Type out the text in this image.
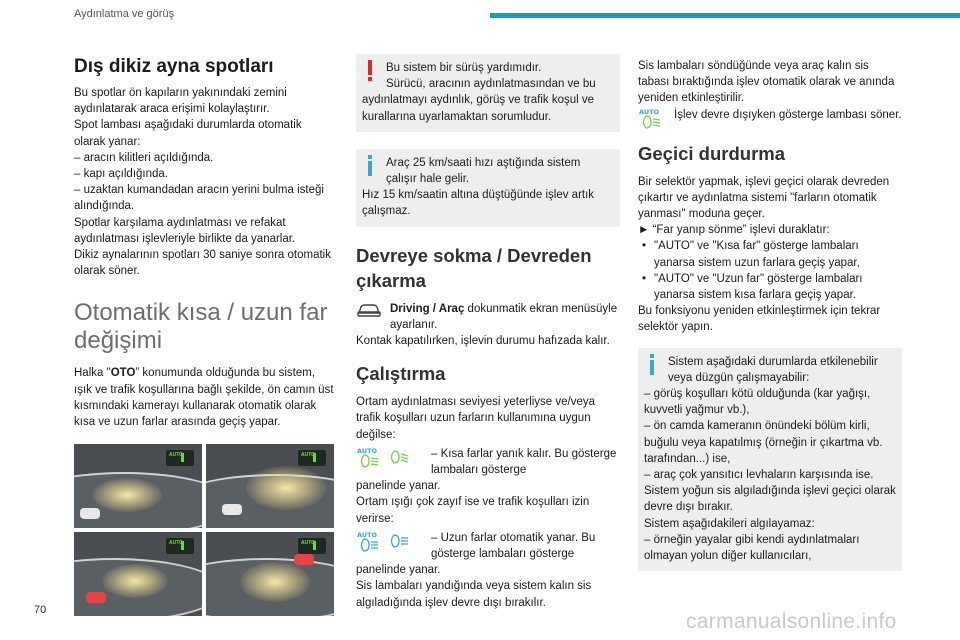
Aydınlatma ve görüş
Dış dikiz ayna spotları

Bu spotlar ön kapıların yakınındaki zemini aydınlatarak araca erişimi kolaylaştırır.

Spot lambası aşağıdaki durumlarda otomatik olarak yanar:

– aracın kilitleri açıldığında.

– kapı açıldığında.

– uzaktan kumandadan aracın yerini bulma isteği alındığında.

Spotlar karşılama aydınlatması ve refakat aydınlatması işlevleriyle birlikte da yanarlar.

Dikiz aynalarının spotları 30 saniye sonra otomatik olarak söner.

Otomatik kısa / uzun far değişimi

Halka "OTO” konumunda olduğunda bu sistem, ışık ve trafik koşullarına bağlı şekilde, ön camın üst kısmındaki kamerayı kullanarak otomatik olarak kısa ve uzun farlar arasında geçiş yapar.

AUTO	AUTO
AUTO	AUTO

Bu sistem bir sürüş yardımıdır.

Sürücü, aracının aydınlatmasından ve bu aydınlatmayı aydınlık, görüş ve trafik koşul ve kurallarına uyarlamaktan sorumludur.

Araç 25 km/saati hızı aştığında sistem çalışır hale gelir.

Hız 15 km/saatin altına düştüğünde işlev artık çalışmaz.

Devreye sokma / Devreden çıkarma

Driving / Araç dokunmatik ekran menüsüyle ayarlanır.

Kontak kapatılırken, işlevin durumu hafızada kalır.

Çalıştırma

Ortam aydınlatması seviyesi yeterliyse ve/veya trafik koşulları uzun farların kullanımına uygun değilse:

AUTO	– Kısa farlar yanık kalır. Bu gösterge lambaları gösterge

panelinde yanar.

Ortam ışığı çok zayıf ise ve trafik koşulları izin verirse:

AUTO	– Uzun farlar otomatik yanar. Bu gösterge lambaları gösterge

panelinde yanar.

Sis lambaları yandığında veya sistem kalın sis algıladığında işlev devre dışı bırakılır.

Sis lambaları söndüğünde veya araç kalın sis tabası bıraktığında işlev otomatik olarak ve anında yeniden etkinleştirilir.

AUTO İşlev devre dışıyken gösterge lambası söner.

Geçici durdurma

Bir selektör yapmak, işlevi geçici olarak devreden çıkartır ve aydınlatma sistemi "farların otomatik yanması" moduna geçer.

► “Far yanıp sönme” işlevi duraklatır:

• "AUTO" ve "Kısa far" gösterge lambaları yanarsa sistem uzun farlara geçiş yapar,

• "AUTO" ve "Uzun far" gösterge lambaları yanarsa sistem kısa farlara geçiş yapar.

Bu fonksiyonu yeniden etkinleştirmek için tekrar selektör yapın.

Sistem aşağıdaki durumlarda etkilenebilir veya düzgün çalışmayabilir:

– görüş koşulları kötü olduğunda (kar yağışı, kuvvetli yağmur vb.),

– ön camda kameranın önündeki bölüm kirli, buğulu veya kapatılmış (örneğin ir çıkartma vb. tarafından...) ise,

– araç çok yansıtıcı levhaların karşısında ise.

Sistem yoğun sis algıladığında işlevi geçici olarak devre dışı bırakır.

Sistem aşağıdakileri algılayamaz:

– örneğin yayalar gibi kendi aydınlatmaları olmayan yolun diğer kullanıcıları,

70	carmanualsonline.info
